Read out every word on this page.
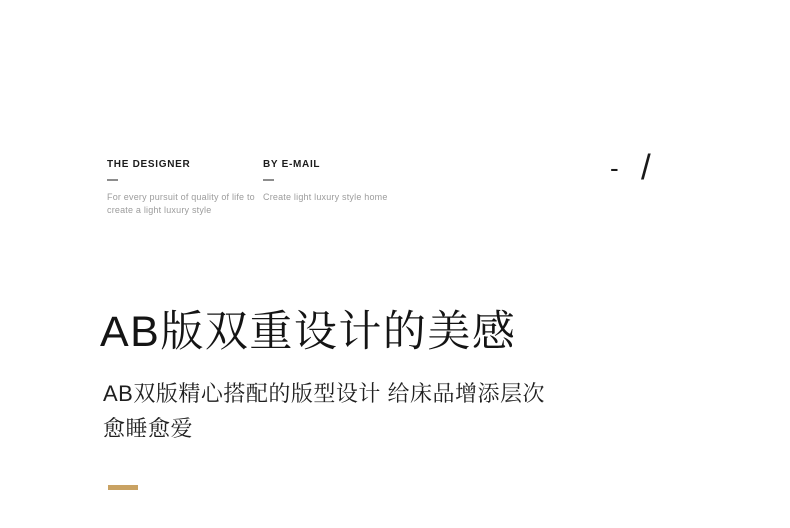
THE DESIGNER
For every pursuit of quality of life to create a light luxury style
BY E-MAIL
Create light luxury style home
- /
AB版双重设计的美感
AB双版精心搭配的版型设计 给床品增添层次
愈睡愈爱
